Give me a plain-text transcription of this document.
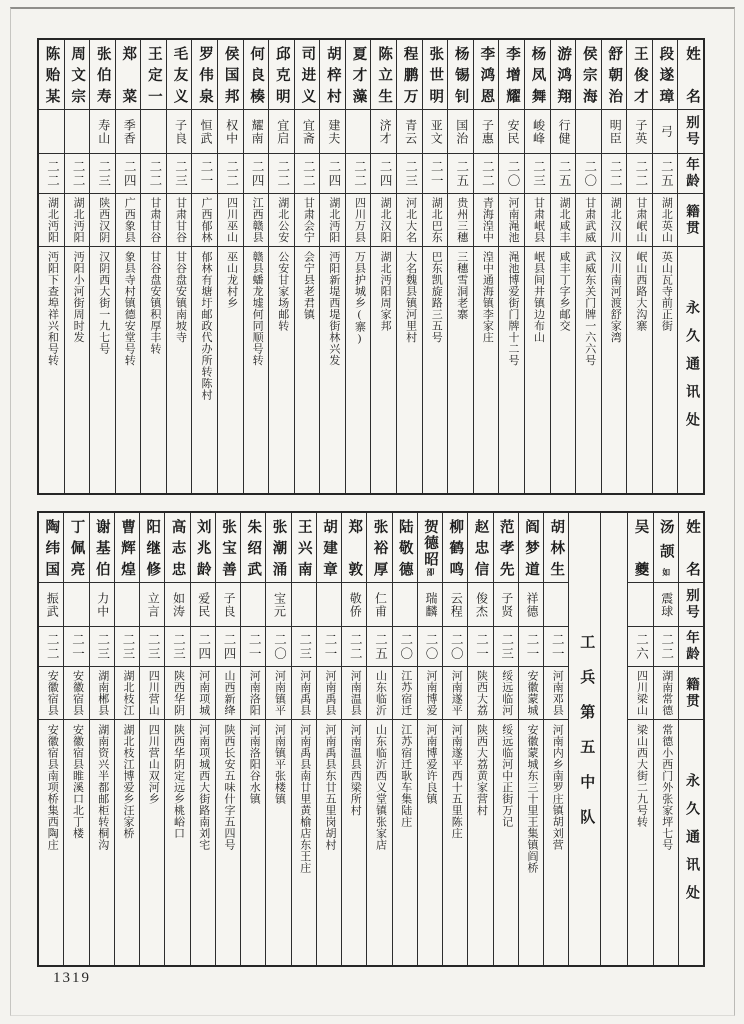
姓名
别号
年龄
籍贯
永久通讯处
段遂璋
弓
二五
湖北英山
英山瓦寺前正街
王俊才
子英
二二
甘肃岷山
岷山西路大沟寨
舒朝治
明臣
二二
湖北汉川
汉川南河渡舒家湾
侯宗海
二〇
甘肃武威
武威东关门牌一六六号
游鸿翔
行健
二五
湖北咸丰
咸丰丁字乡邮交
杨凤舞
峻峰
二三
甘肃岷县
岷县间井镇边布山
李增耀
安民
二〇
河南渑池
渑池博爱街门牌十二号
李鸿恩
子惠
二二
青海湟中
湟中通海镇李家庄
杨锡钊
国治
二五
贵州三穗
三穗雪洞老寨
张世明
亚文
二一
湖北巴东
巴东凯旋路三五号
程鹏万
青云
二三
河北大名
大名魏县镇河里村
陈立生
济才
二四
湖北汉阳
湖北沔阳周家邦
夏才藻
二二
四川万县
万县护城乡(寨)
胡梓村
建夫
二四
湖北沔阳
沔阳新堤西堤街林兴发
司进义
宜斋
二二
甘肃会宁
会宁县老君镇
邱克明
宜启
二二
湖北公安
公安甘家场邮转
何良楱
耀南
二四
江西赣县
赣县蟠龙墟何同顺号转
侯国邦
权中
二二
四川巫山
巫山龙村乡
罗伟泉
恒武
二一
广西郁林
郁林有塘圩邮政代办所转陈村
毛友义
子良
二三
甘肃甘谷
甘谷盘安镇南坡寺
王定一
二二
甘肃甘谷
甘谷盘安镇积厚丰转
郑菜
季香
二四
广西象县
象县寺村镇德安堂号转
张伯寿
寿山
二三
陕西汉阴
汉阴西大街一九七号
周文宗
二二
湖北沔阳
沔阳小河街周时发
陈贻某
二二
湖北沔阳
沔阳下查埠祥兴和号转
姓名
别号
年龄
籍贯
永久通讯处
汤颉如
震球
二二
湖南常德
常德小西门外张家坪七号
吴夔
二六
四川梁山
梁山西大街二九号转
工兵第五中队
胡林生
二一
河南邓县
河南内乡南罗庄镇胡刘营
阎梦道
祥德
二一
安徽蒙城
安徽蒙城东三十里王集镇阎桥
范孝先
子贤
二三
绥远临河
绥远临河中正街万记
赵忠信
俊杰
二一
陕西大荔
陕西大荔黄家营村
柳鹤鸣
云程
二〇
河南遂平
河南遂平西十五里陈庄
贺德昭卲
瑞麟
二〇
河南博爱
河南博爱许良镇
陆敬德
二〇
江苏宿迁
江苏宿迁耿车集陆庄
张裕厚
仁甫
二五
山东临沂
山东临沂西义堂镇张家店
郑敦
敬侨
二二
河南温县
河南温县西梁所村
胡建章
二一
河南禹县
河南禹县东廿五里岗胡村
王兴南
二三
河南禹县
河南禹县南廿里黄榆店东王庄
张潮涌
宝元
二〇
河南镇平
河南镇平张楼镇
朱绍武
二一
河南洛阳
河南洛阳谷水镇
张宝善
子良
二四
山西新绛
陕西长安五味什字五四号
刘兆龄
爱民
二四
河南项城
河南项城西大街路南刘宅
高志忠
如涛
二三
陕西华阴
陕西华阴定远乡桃峪口
阳继修
立言
二三
四川营山
四川营山双河乡
曹辉煌
二三
湖北枝江
湖北枝江博爱乡汪家桥
谢基伯
力中
二三
湖南郴县
湖南资兴半都邮柜转桐沟
丁佩亮
二一
安徽宿县
安徽宿县睢溪口北丁楼
陶纬国
振武
二二
安徽宿县
安徽宿县南项桥集西陶庄
1319
